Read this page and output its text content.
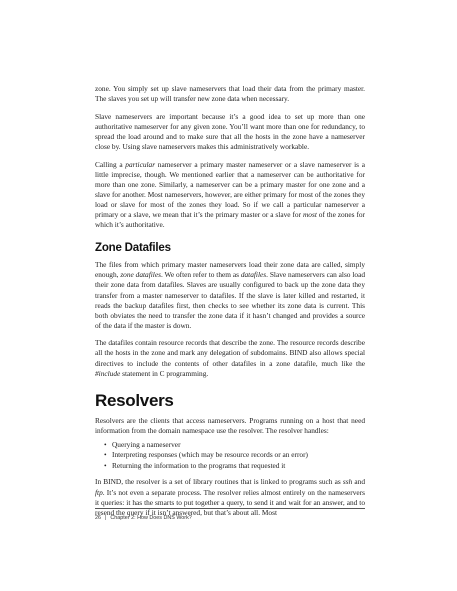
zone. You simply set up slave nameservers that load their data from the primary master. The slaves you set up will transfer new zone data when necessary.

Slave nameservers are important because it’s a good idea to set up more than one authoritative nameserver for any given zone. You’ll want more than one for redundancy, to spread the load around and to make sure that all the hosts in the zone have a nameserver close by. Using slave nameservers makes this administratively workable.

Calling a particular nameserver a primary master nameserver or a slave nameserver is a little imprecise, though. We mentioned earlier that a nameserver can be authoritative for more than one zone. Similarly, a nameserver can be a primary master for one zone and a slave for another. Most nameservers, however, are either primary for most of the zones they load or slave for most of the zones they load. So if we call a particular nameserver a primary or a slave, we mean that it’s the primary master or a slave for most of the zones for which it’s authoritative.

Zone Datafiles

The files from which primary master nameservers load their zone data are called, simply enough, zone datafiles. We often refer to them as datafiles. Slave nameservers can also load their zone data from datafiles. Slaves are usually configured to back up the zone data they transfer from a master nameserver to datafiles. If the slave is later killed and restarted, it reads the backup datafiles first, then checks to see whether its zone data is current. This both obviates the need to transfer the zone data if it hasn’t changed and provides a source of the data if the master is down.

The datafiles contain resource records that describe the zone. The resource records describe all the hosts in the zone and mark any delegation of subdomains. BIND also allows special directives to include the contents of other datafiles in a zone datafile, much like the #include statement in C programming.

Resolvers

Resolvers are the clients that access nameservers. Programs running on a host that need information from the domain namespace use the resolver. The resolver handles:

• Querying a nameserver
• Interpreting responses (which may be resource records or an error)
• Returning the information to the programs that requested it

In BIND, the resolver is a set of library routines that is linked to programs such as ssh and ftp. It’s not even a separate process. The resolver relies almost entirely on the nameservers it queries: it has the smarts to put together a query, to send it and wait for an answer, and to resend the query if it isn’t answered, but that’s about all. Most

26 | Chapter 2: How Does DNS Work?
